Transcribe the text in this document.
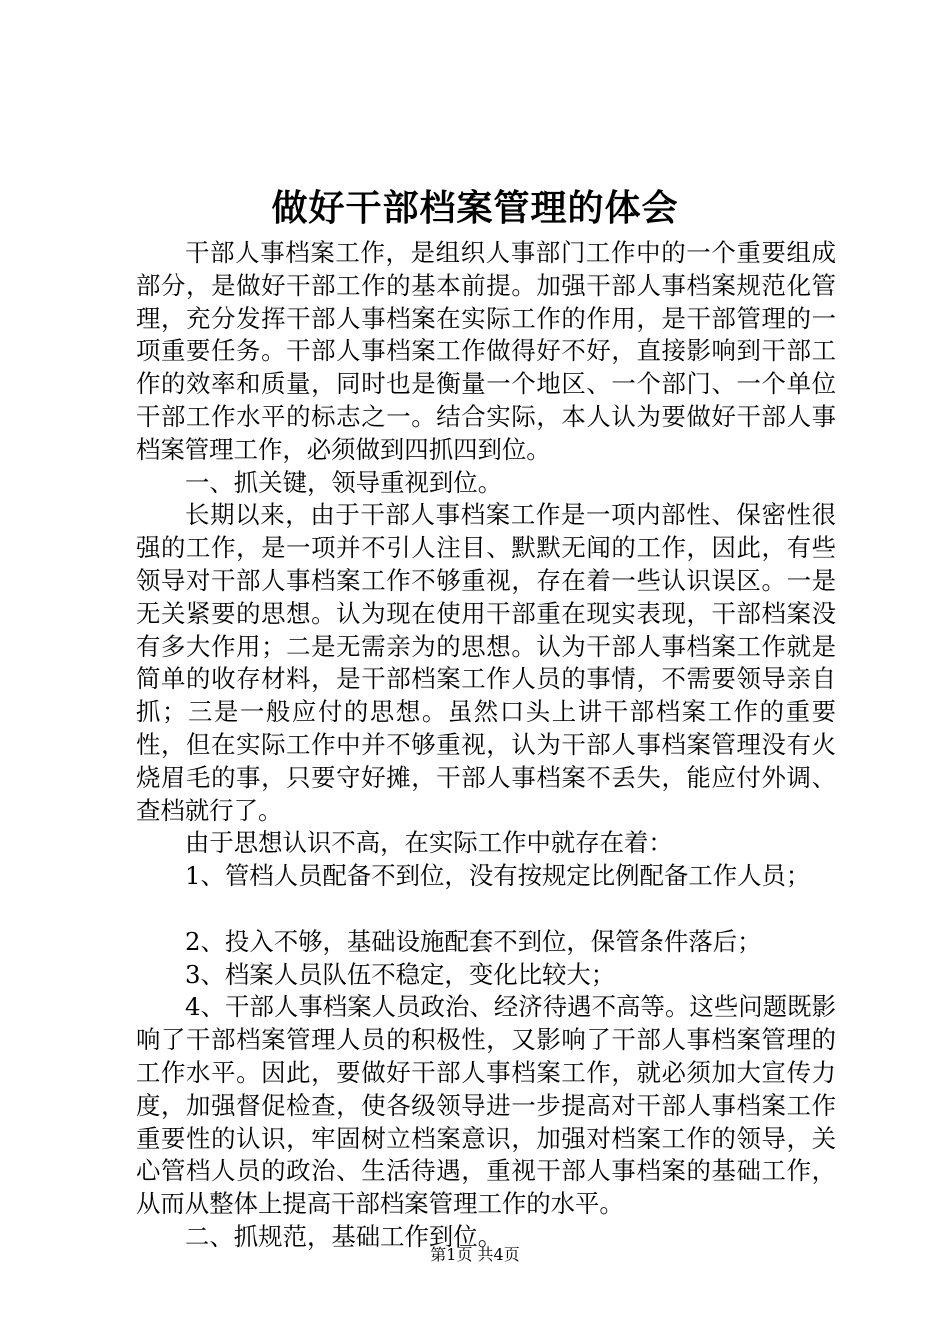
做好干部档案管理的体会

干部人事档案工作，是组织人事部门工作中的一个重要组成部分，是做好干部工作的基本前提。加强干部人事档案规范化管理，充分发挥干部人事档案在实际工作的作用，是干部管理的一项重要任务。干部人事档案工作做得好不好，直接影响到干部工作的效率和质量，同时也是衡量一个地区、一个部门、一个单位干部工作水平的标志之一。结合实际，本人认为要做好干部人事档案管理工作，必须做到四抓四到位。

一、抓关键，领导重视到位。

长期以来，由于干部人事档案工作是一项内部性、保密性很强的工作，是一项并不引人注目、默默无闻的工作，因此，有些领导对干部人事档案工作不够重视，存在着一些认识误区。一是无关紧要的思想。认为现在使用干部重在现实表现，干部档案没有多大作用；二是无需亲为的思想。认为干部人事档案工作就是简单的收存材料，是干部档案工作人员的事情，不需要领导亲自抓；三是一般应付的思想。虽然口头上讲干部档案工作的重要性，但在实际工作中并不够重视，认为干部人事档案管理没有火烧眉毛的事，只要守好摊，干部人事档案不丢失，能应付外调、查档就行了。

由于思想认识不高，在实际工作中就存在着：

1、管档人员配备不到位，没有按规定比例配备工作人员；

2、投入不够，基础设施配套不到位，保管条件落后；

3、档案人员队伍不稳定，变化比较大；

4、干部人事档案人员政治、经济待遇不高等。这些问题既影响了干部档案管理人员的积极性，又影响了干部人事档案管理的工作水平。因此，要做好干部人事档案工作，就必须加大宣传力度，加强督促检查，使各级领导进一步提高对干部人事档案工作重要性的认识，牢固树立档案意识，加强对档案工作的领导，关心管档人员的政治、生活待遇，重视干部人事档案的基础工作，从而从整体上提高干部档案管理工作的水平。

二、抓规范，基础工作到位。

第1页 共4页
